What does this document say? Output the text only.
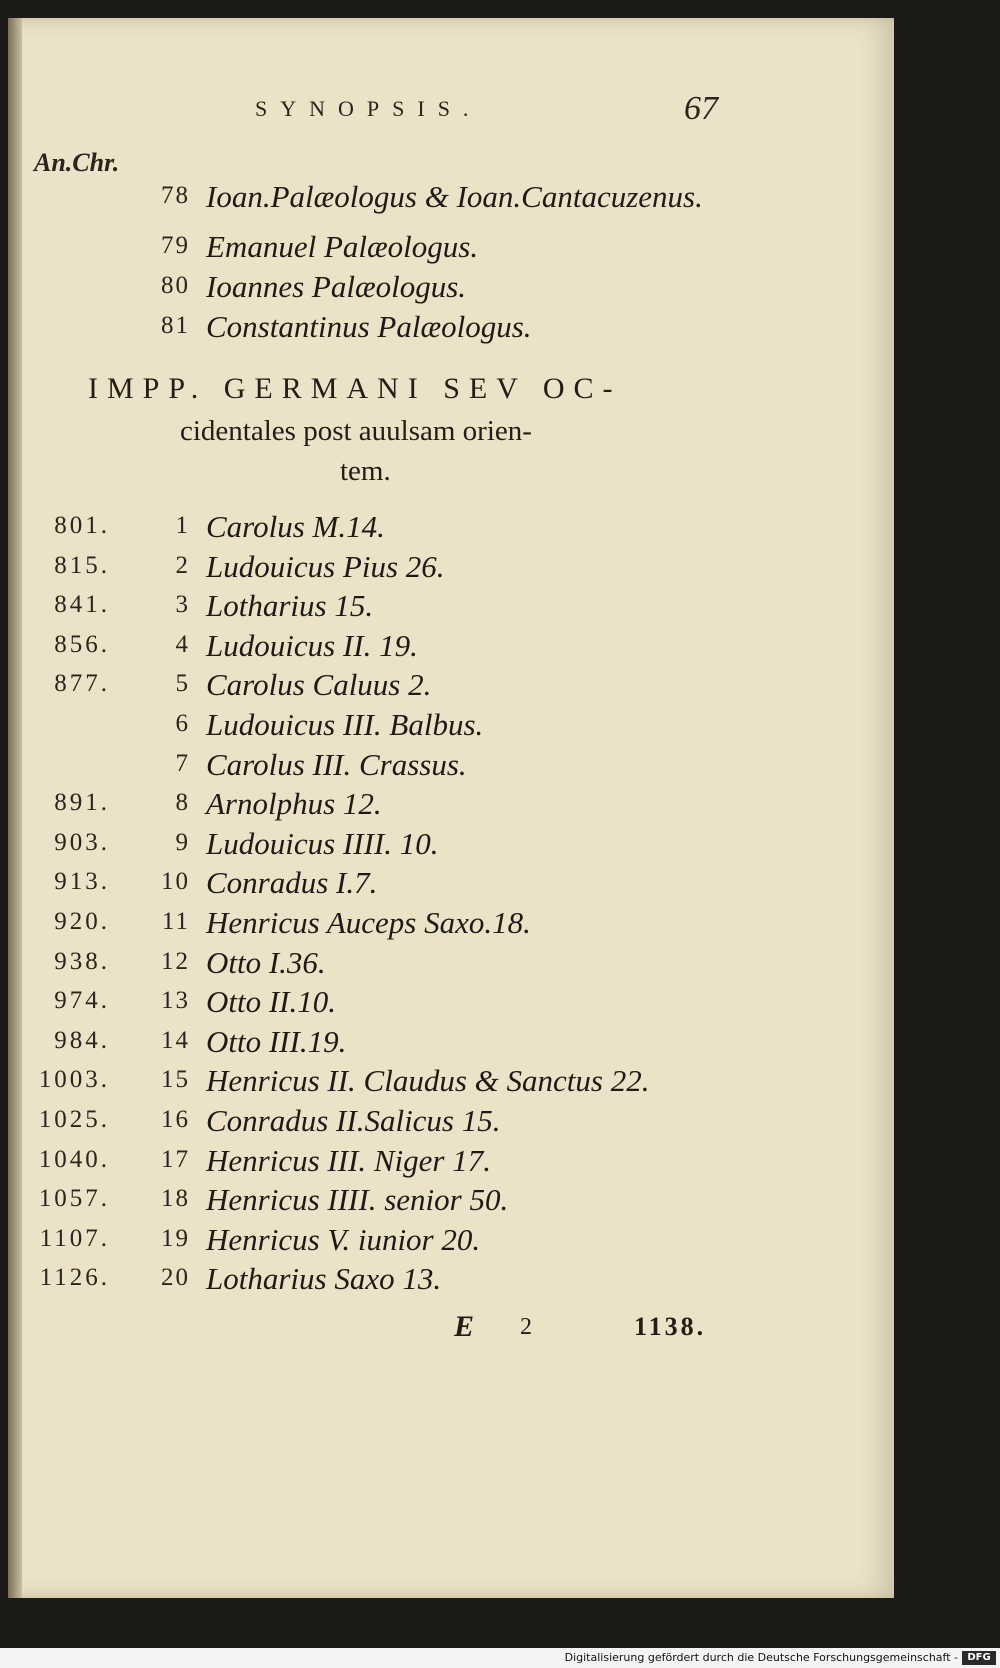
SYNOPSIS.	67
An.Chr.
78 Ioan.Palæologus & Ioan.Cantacuzenus.
79 Emanuel Palæologus.
80 Ioannes Palæologus.
81 Constantinus Palæologus.
IMPP. GERMANI SEV OC-
cidentales post auulsam orien-
tem.
801.	1 Carolus M.14.
815.	2 Ludouicus Pius 26.
841.	3 Lotharius 15.
856.	4 Ludouicus II. 19.
877.	5 Carolus Caluus 2.
6 Ludouicus III. Balbus.
7 Carolus III. Crassus.
891.	8 Arnolphus 12.
903.	9 Ludouicus IIII. 10.
913. 10 Conradus I.7.
920. 11 Henricus Auceps Saxo.18.
938. 12 Otto I.36.
974. 13 Otto II.10.
984. 14 Otto III.19.
1003. 15 Henricus II. Claudus & Sanctus 22.
1025. 16 Conradus II.Salicus 15.
1040. 17 Henricus III. Niger 17.
1057. 18 Henricus IIII. senior 50.
1107. 19 Henricus V. iunior 20.
1126. 20 Lotharius Saxo 13.
E 2	1138.
Digitalisierung gefördert durch die Deutsche Forschungsgemeinschaft - DFG
